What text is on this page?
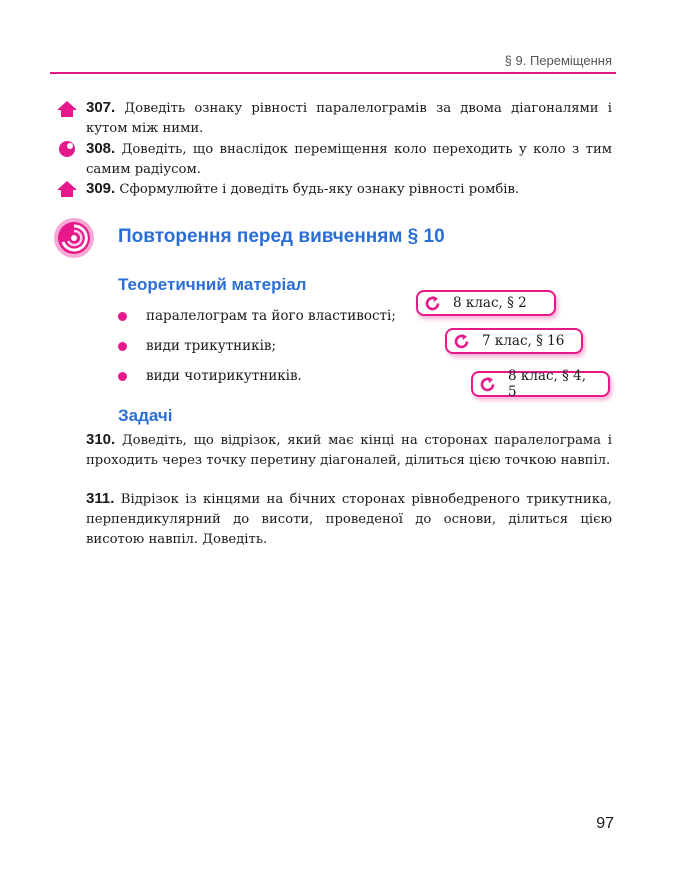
§ 9. Переміщення
307. Доведіть ознаку рівності паралелограмів за двома діагоналями і кутом між ними.
308. Доведіть, що внаслідок переміщення коло переходить у коло з тим самим радіусом.
309. Сформулюйте і доведіть будь-яку ознаку рівності ромбів.
Повторення перед вивченням § 10
Теоретичний матеріал
паралелограм та його властивості;
8 клас, § 2
види трикутників;	7 клас, § 16
види чотирикутників.	8 клас, § 4, 5
Задачі
310. Доведіть, що відрізок, який має кінці на сторонах паралелограма і проходить через точку перетину діагоналей, ділиться цією точкою навпіл.
311. Відрізок із кінцями на бічних сторонах рівнобедреного трикутника, перпендикулярний до висоти, проведеної до основи, ділиться цією висотою навпіл. Доведіть.
97
